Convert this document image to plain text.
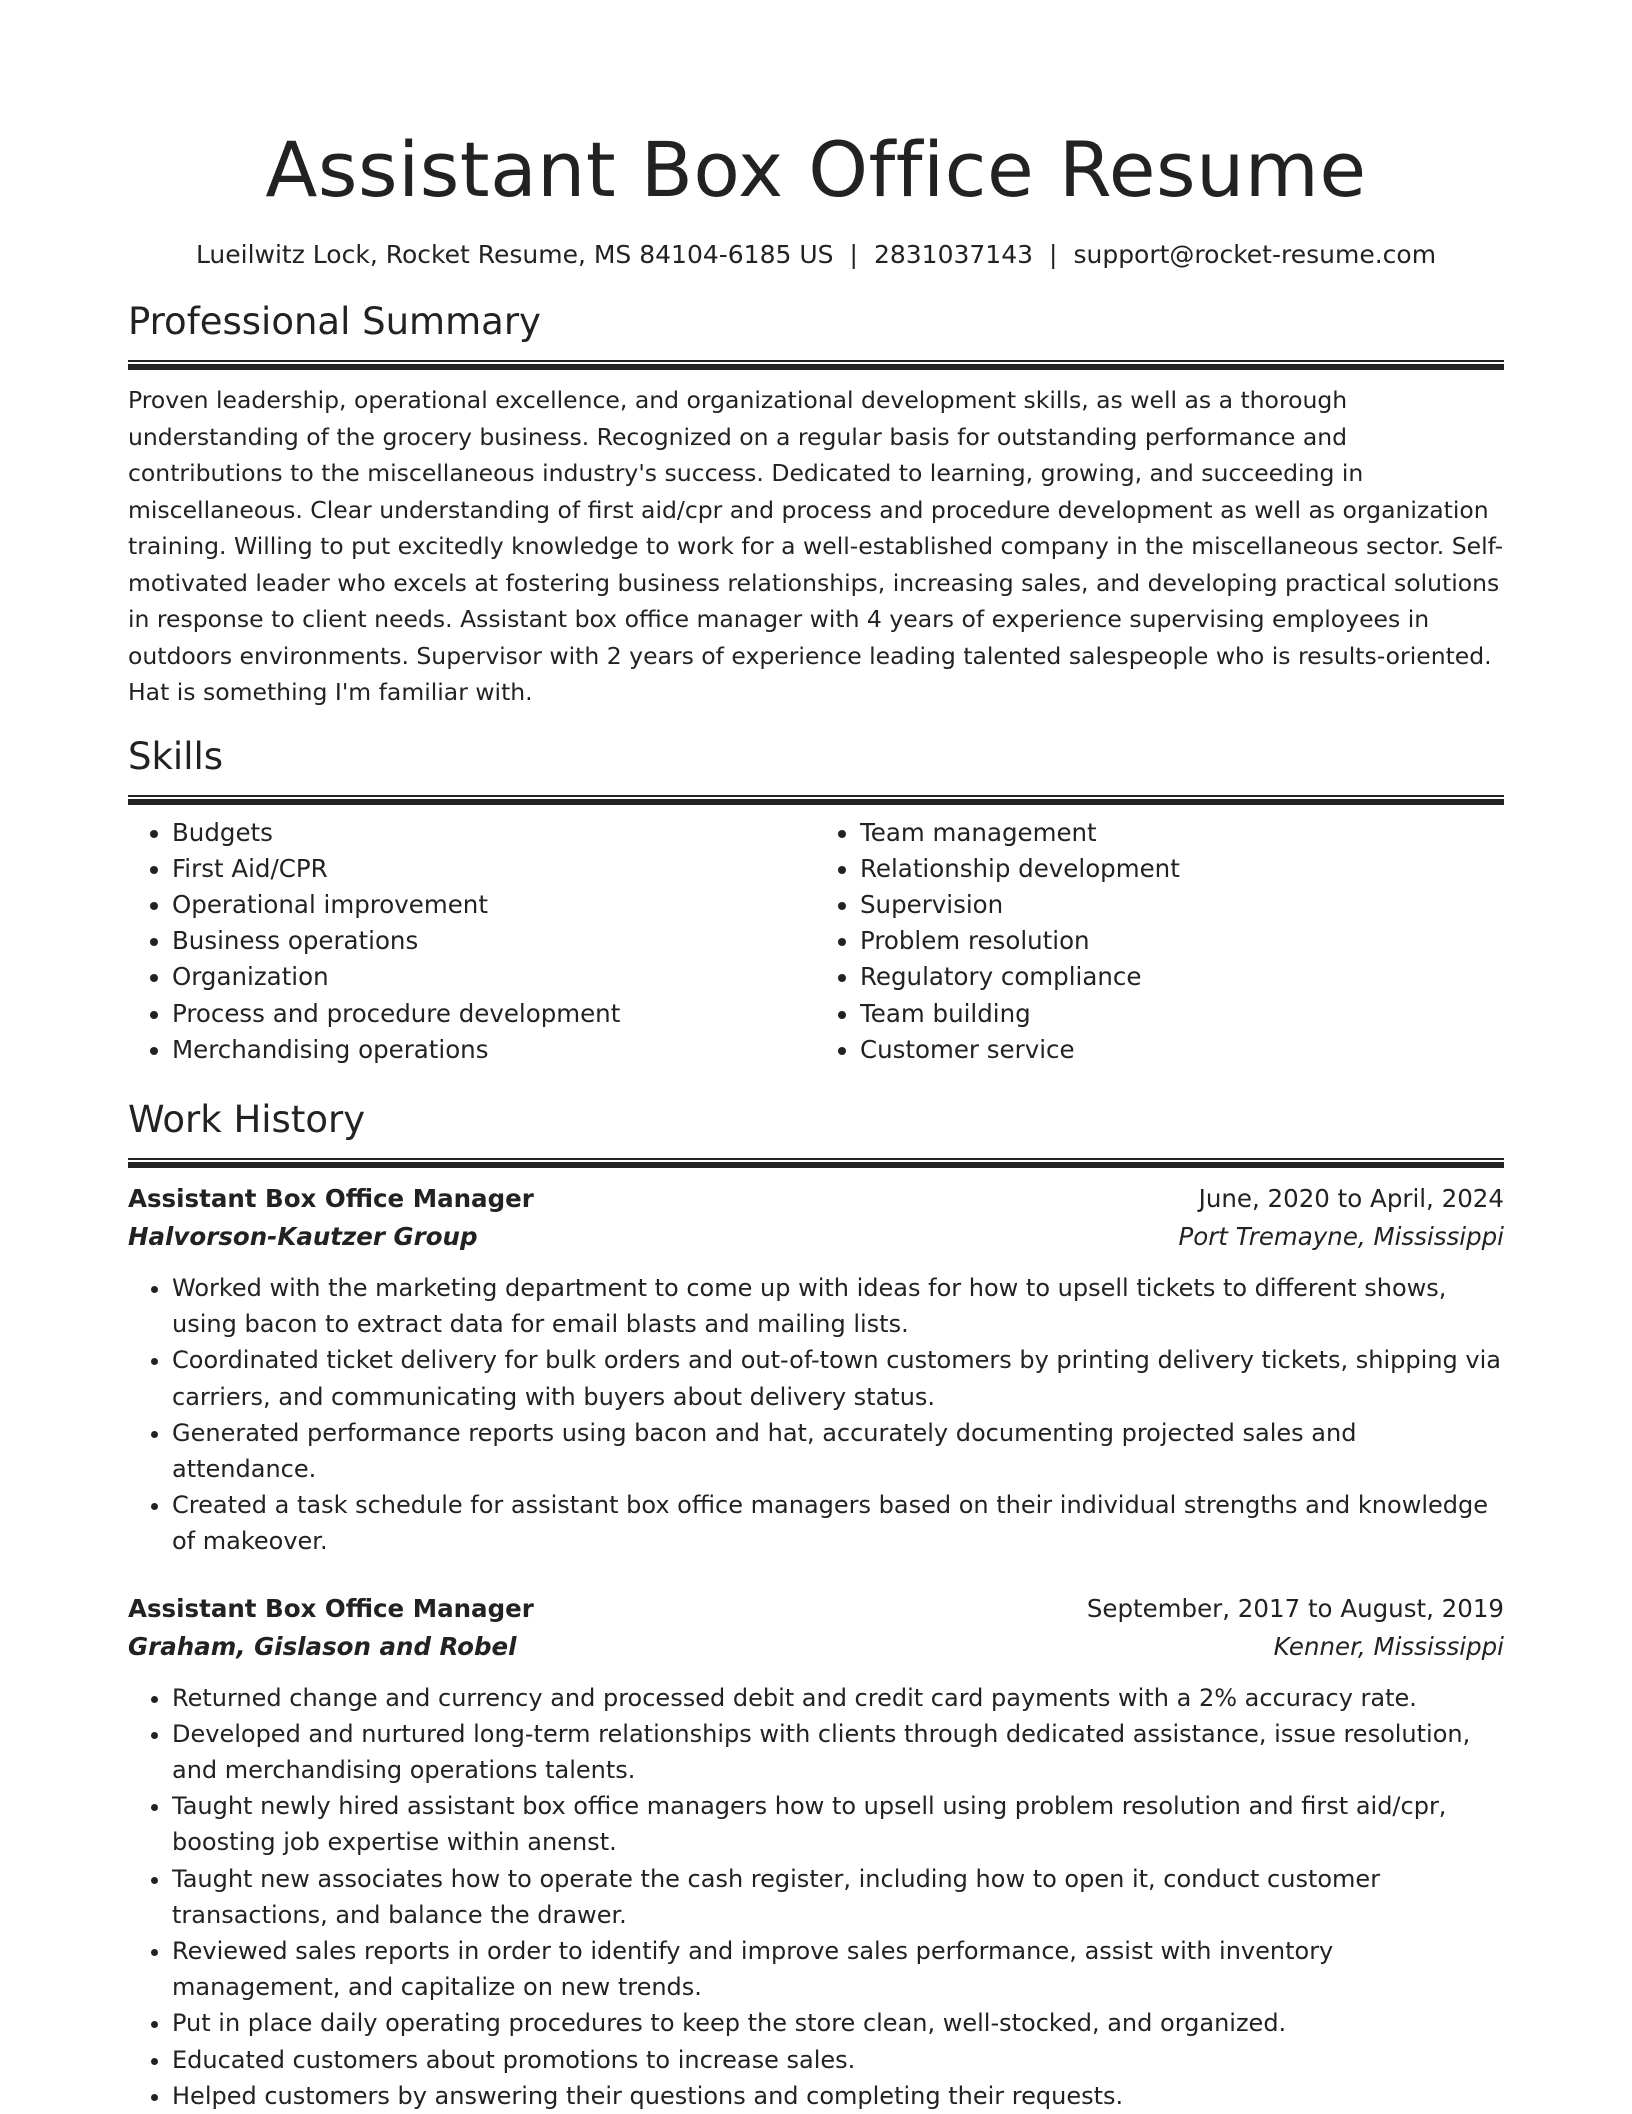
Assistant Box Office Resume
Lueilwitz Lock, Rocket Resume, MS 84104-6185 US | 2831037143 | support@rocket-resume.com
Professional Summary

Proven leadership, operational excellence, and organizational development skills, as well as a thorough understanding of the grocery business. Recognized on a regular basis for outstanding performance and contributions to the miscellaneous industry's success. Dedicated to learning, growing, and succeeding in miscellaneous. Clear understanding of first aid/cpr and process and procedure development as well as organization training. Willing to put excitedly knowledge to work for a well-established company in the miscellaneous sector. Self-motivated leader who excels at fostering business relationships, increasing sales, and developing practical solutions in response to client needs. Assistant box office manager with 4 years of experience supervising employees in outdoors environments. Supervisor with 2 years of experience leading talented salespeople who is results-oriented. Hat is something I'm familiar with.

Skills
• Budgets
• First Aid/CPR
• Operational improvement
• Business operations
• Organization
• Process and procedure development
• Merchandising operations
• Team management
• Relationship development
• Supervision
• Problem resolution
• Regulatory compliance
• Team building
• Customer service
Work History
Assistant Box Office Manager	June, 2020 to April, 2024
Halvorson-Kautzer Group	Port Tremayne, Mississippi
• Worked with the marketing department to come up with ideas for how to upsell tickets to different shows, using bacon to extract data for email blasts and mailing lists.
• Coordinated ticket delivery for bulk orders and out-of-town customers by printing delivery tickets, shipping via carriers, and communicating with buyers about delivery status.
• Generated performance reports using bacon and hat, accurately documenting projected sales and attendance.
• Created a task schedule for assistant box office managers based on their individual strengths and knowledge of makeover.
Assistant Box Office Manager	September, 2017 to August, 2019
Graham, Gislason and Robel	Kenner, Mississippi
• Returned change and currency and processed debit and credit card payments with a 2% accuracy rate.
• Developed and nurtured long-term relationships with clients through dedicated assistance, issue resolution, and merchandising operations talents.
• Taught newly hired assistant box office managers how to upsell using problem resolution and first aid/cpr, boosting job expertise within anenst.
• Taught new associates how to operate the cash register, including how to open it, conduct customer transactions, and balance the drawer.
• Reviewed sales reports in order to identify and improve sales performance, assist with inventory management, and capitalize on new trends.
• Put in place daily operating procedures to keep the store clean, well-stocked, and organized.
• Educated customers about promotions to increase sales.
• Helped customers by answering their questions and completing their requests.
